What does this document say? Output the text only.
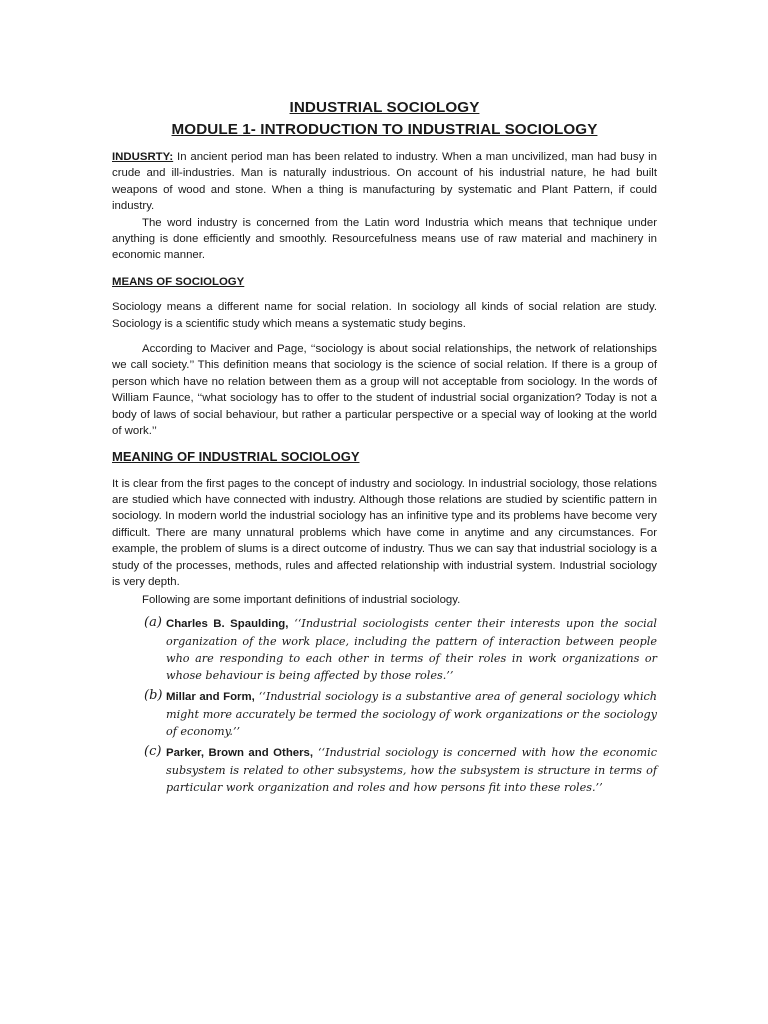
INDUSTRIAL SOCIOLOGY
MODULE 1- INTRODUCTION TO INDUSTRIAL SOCIOLOGY

INDUSRTY: In ancient period man has been related to industry. When a man uncivilized, man had busy in crude and ill-industries. Man is naturally industrious. On account of his industrial nature, he had built weapons of wood and stone. When a thing is manufacturing by systematic and Plant Pattern, if could industry.

The word industry is concerned from the Latin word Industria which means that technique under anything is done efficiently and smoothly. Resourcefulness means use of raw material and machinery in economic manner.

MEANS OF SOCIOLOGY

Sociology means a different name for social relation. In sociology all kinds of social relation are study. Sociology is a scientific study which means a systematic study begins.

According to Maciver and Page, ‘‘sociology is about social relationships, the network of relationships we call society.’’ This definition means that sociology is the science of social relation. If there is a group of person which have no relation between them as a group will not acceptable from sociology. In the words of William Faunce, ‘‘what sociology has to offer to the student of industrial social organization? Today is not a body of laws of social behaviour, but rather a particular perspective or a special way of looking at the world of work.’’

MEANING OF INDUSTRIAL SOCIOLOGY

It is clear from the first pages to the concept of industry and sociology. In industrial sociology, those relations are studied which have connected with industry. Although those relations are studied by scientific pattern in sociology. In modern world the industrial sociology has an infinitive type and its problems have become very difficult. There are many unnatural problems which have come in anytime and any circumstances. For example, the problem of slums is a direct outcome of industry. Thus we can say that industrial sociology is a study of the processes, methods, rules and affected relationship with industrial system. Industrial sociology is very depth.

Following are some important definitions of industrial sociology.

(a) Charles B. Spaulding, ‘‘Industrial sociologists center their interests upon the social organization of the work place, including the pattern of interaction between people who are responding to each other in terms of their roles in work organizations or whose behaviour is being affected by those roles.’’
(b) Millar and Form, ‘‘Industrial sociology is a substantive area of general sociology which might more accurately be termed the sociology of work organizations or the sociology of economy.’’
(c) Parker, Brown and Others, ‘‘Industrial sociology is concerned with how the economic subsystem is related to other subsystems, how the subsystem is structure in terms of particular work organization and roles and how persons fit into these roles.’’
